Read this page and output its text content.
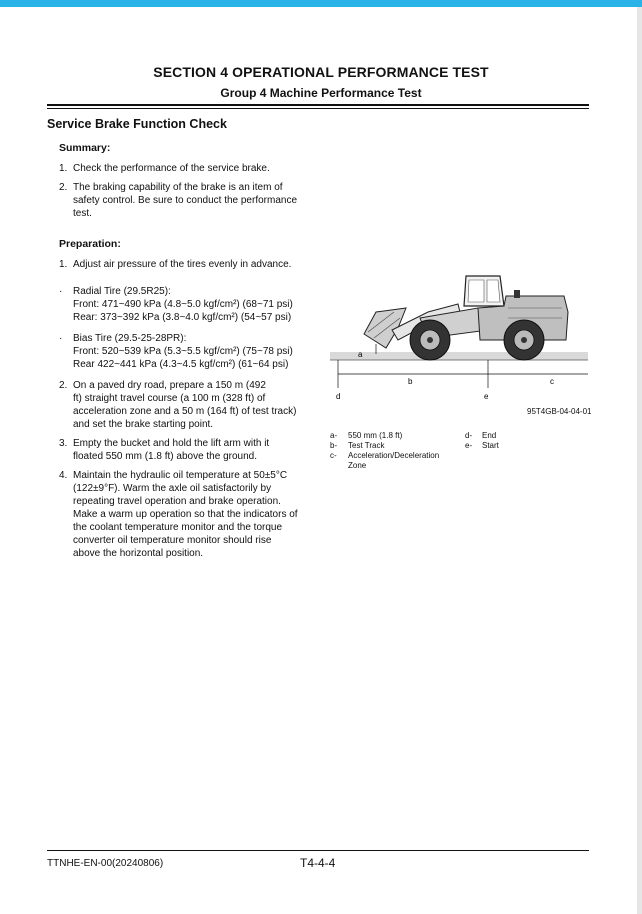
SECTION 4 OPERATIONAL PERFORMANCE TEST
Group 4 Machine Performance Test
Service Brake Function Check
Summary:
1. Check the performance of the service brake.
2. The braking capability of the brake is an item of
safety control. Be sure to conduct the performance
test.
Preparation:
1. Adjust air pressure of the tires evenly in advance.
· Radial Tire (29.5R25):
Front: 471~490 kPa (4.8~5.0 kgf/cm²) (68~71 psi)
Rear: 373~392 kPa (3.8~4.0 kgf/cm²) (54~57 psi)
· Bias Tire (29.5-25-28PR):
Front: 520~539 kPa (5.3~5.5 kgf/cm²) (75~78 psi)
Rear 422~441 kPa (4.3~4.5 kgf/cm²) (61~64 psi)
2. On a paved dry road, prepare a 150 m (492
ft) straight travel course (a 100 m (328 ft) of
acceleration zone and a 50 m (164 ft) of test track)
and set the brake starting point.
3. Empty the bucket and hold the lift arm with it
floated 550 mm (1.8 ft) above the ground.
4. Maintain the hydraulic oil temperature at 50±5°C
(122±9°F). Warm the axle oil satisfactorily by
repeating travel operation and brake operation.
Make a warm up operation so that the indicators of
the coolant temperature monitor and the torque
converter oil temperature monitor should rise
above the horizontal position.
a
b	c
d	e
95T4GB-04-04-01
a- 550 mm (1.8 ft)
b- Test Track
c- Acceleration/Deceleration
Zone
d- End
e- Start
TTNHE-EN-00(20240806)	T4-4-4
